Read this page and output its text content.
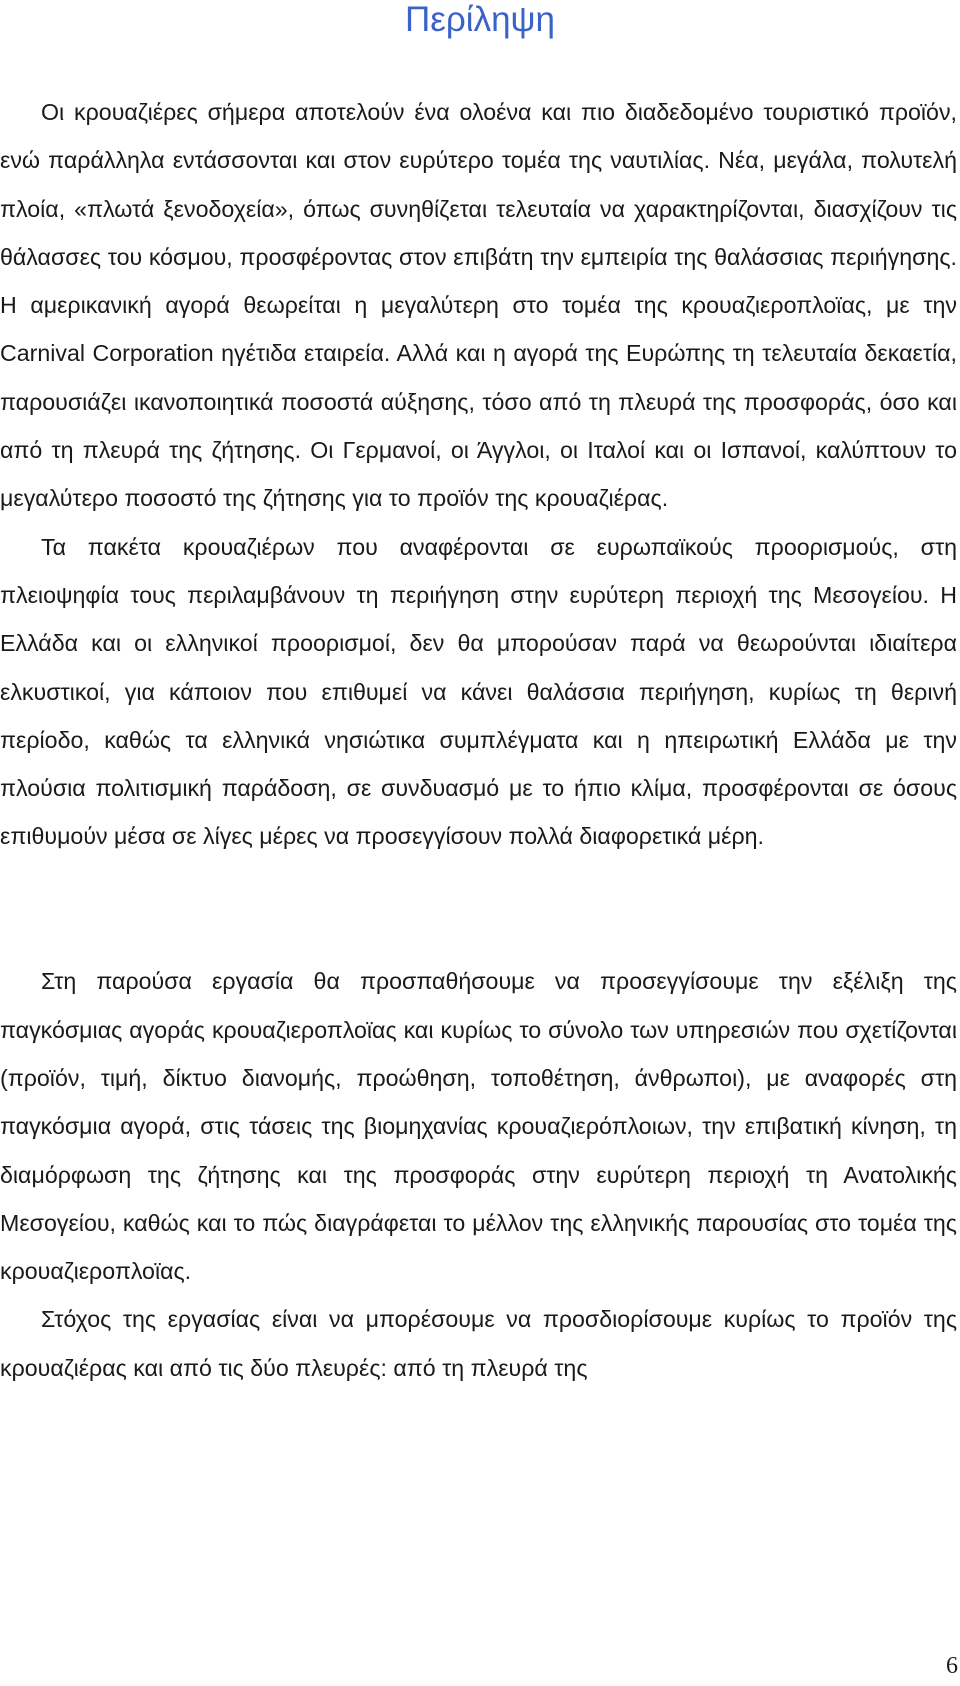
Περίληψη

Οι κρουαζιέρες σήμερα αποτελούν ένα ολοένα και πιο διαδεδομένο τουριστικό προϊόν, ενώ παράλληλα εντάσσονται και στον ευρύτερο τομέα της ναυτιλίας. Νέα, μεγάλα, πολυτελή πλοία, «πλωτά ξενοδοχεία», όπως συνηθίζεται τελευταία να χαρακτηρίζονται, διασχίζουν τις θάλασσες του κόσμου, προσφέροντας στον επιβάτη την εμπειρία της θαλάσσιας περιήγησης. Η αμερικανική αγορά θεωρείται η μεγαλύτερη στο τομέα της κρουαζιεροπλοϊας, με την Carnival Corporation ηγέτιδα εταιρεία. Αλλά και η αγορά της Ευρώπης τη τελευταία δεκαετία, παρουσιάζει ικανοποιητικά ποσοστά αύξησης, τόσο από τη πλευρά της προσφοράς, όσο και από τη πλευρά της ζήτησης. Οι Γερμανοί, οι Άγγλοι, οι Ιταλοί και οι Ισπανοί, καλύπτουν το μεγαλύτερο ποσοστό της ζήτησης για το προϊόν της κρουαζιέρας.

Τα πακέτα κρουαζιέρων που αναφέρονται σε ευρωπαϊκούς προορισμούς, στη πλειοψηφία τους περιλαμβάνουν τη περιήγηση στην ευρύτερη περιοχή της Μεσογείου. Η Ελλάδα και οι ελληνικοί προορισμοί, δεν θα μπορούσαν παρά να θεωρούνται ιδιαίτερα ελκυστικοί, για κάποιον που επιθυμεί να κάνει θαλάσσια περιήγηση, κυρίως τη θερινή περίοδο, καθώς τα ελληνικά νησιώτικα συμπλέγματα και η ηπειρωτική Ελλάδα με την πλούσια πολιτισμική παράδοση, σε συνδυασμό με το ήπιο κλίμα, προσφέρονται σε όσους επιθυμούν μέσα σε λίγες μέρες να προσεγγίσουν πολλά διαφορετικά μέρη.

Στη παρούσα εργασία θα προσπαθήσουμε να προσεγγίσουμε την εξέλιξη της παγκόσμιας αγοράς κρουαζιεροπλοϊας και κυρίως το σύνολο των υπηρεσιών που σχετίζονται (προϊόν, τιμή, δίκτυο διανομής, προώθηση, τοποθέτηση, άνθρωποι), με αναφορές στη παγκόσμια αγορά, στις τάσεις της βιομηχανίας κρουαζιερόπλοιων, την επιβατική κίνηση, τη διαμόρφωση της ζήτησης και της προσφοράς στην ευρύτερη περιοχή τη Ανατολικής Μεσογείου, καθώς και το πώς διαγράφεται το μέλλον της ελληνικής παρουσίας στο τομέα της κρουαζιεροπλοϊας.

Στόχος της εργασίας είναι να μπορέσουμε να προσδιορίσουμε κυρίως το προϊόν της κρουαζιέρας και από τις δύο πλευρές: από τη πλευρά της

6
